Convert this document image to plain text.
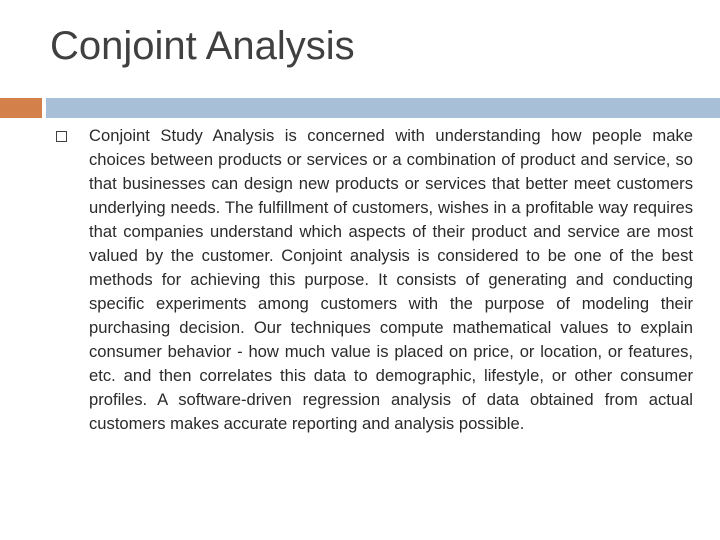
Conjoint Analysis

Conjoint Study Analysis is concerned with understanding how people make choices between products or services or a combination of product and service, so that businesses can design new products or services that better meet customers underlying needs. The fulfillment of customers, wishes in a profitable way requires that companies understand which aspects of their product and service are most valued by the customer. Conjoint analysis is considered to be one of the best methods for achieving this purpose. It consists of generating and conducting specific experiments among customers with the purpose of modeling their purchasing decision. Our techniques compute mathematical values to explain consumer behavior - how much value is placed on price, or location, or features, etc. and then correlates this data to demographic, lifestyle, or other consumer profiles. A software-driven regression analysis of data obtained from actual customers makes accurate reporting and analysis possible.
